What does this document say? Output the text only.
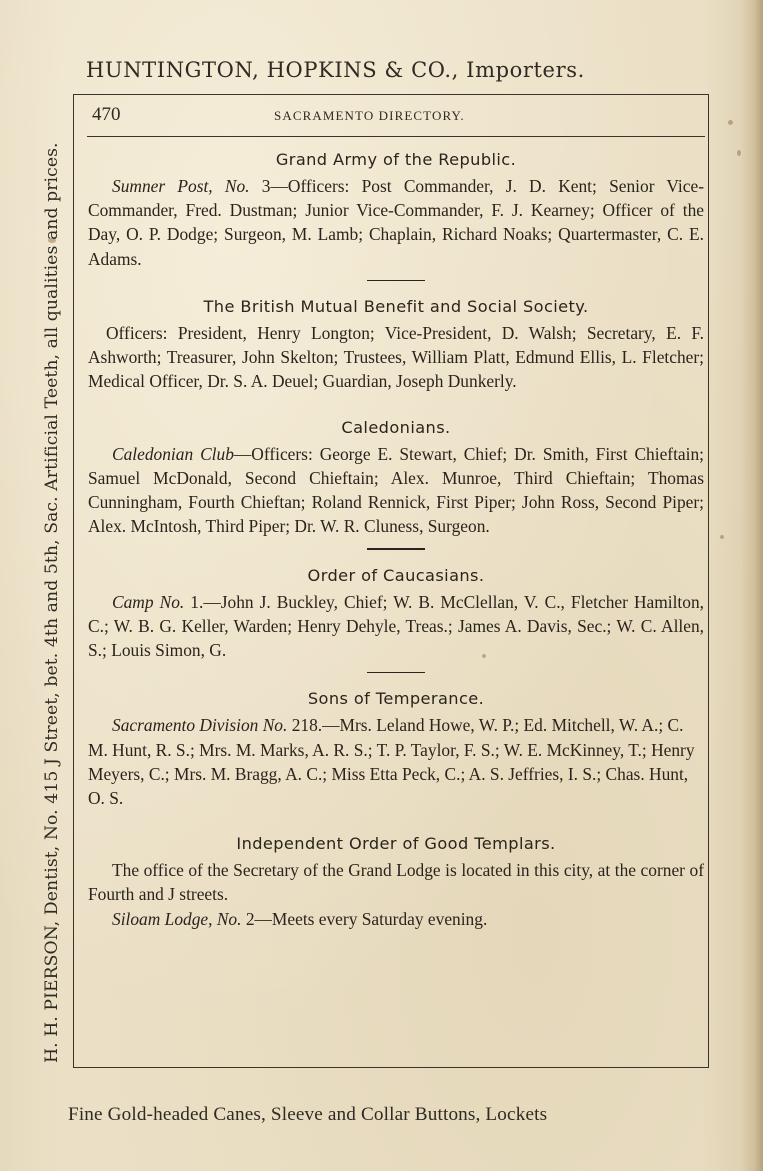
HUNTINGTON, HOPKINS & CO., Importers.
H. H. PIERSON, Dentist, No. 415 J Street, bet. 4th and 5th, Sac. Artificial Teeth, all qualities and prices.
470	SACRAMENTO DIRECTORY.
Grand Army of the Republic.

Sumner Post, No. 3—Officers: Post Commander, J. D. Kent; Senior Vice-Commander, Fred. Dustman; Junior Vice-Commander, F. J. Kearney; Officer of the Day, O. P. Dodge; Surgeon, M. Lamb; Chaplain, Richard Noaks; Quartermaster, C. E. Adams.

The British Mutual Benefit and Social Society.

Officers: President, Henry Longton; Vice-President, D. Walsh; Secretary, E. F. Ashworth; Treasurer, John Skelton; Trustees, William Platt, Edmund Ellis, L. Fletcher; Medical Officer, Dr. S. A. Deuel; Guardian, Joseph Dunkerly.

Caledonians.

Caledonian Club—Officers: George E. Stewart, Chief; Dr. Smith, First Chieftain; Samuel McDonald, Second Chieftain; Alex. Munroe, Third Chieftain; Thomas Cunningham, Fourth Chieftan; Roland Rennick, First Piper; John Ross, Second Piper; Alex. McIntosh, Third Piper; Dr. W. R. Cluness, Surgeon.

Order of Caucasians.

Camp No. 1.—John J. Buckley, Chief; W. B. McClellan, V. C., Fletcher Hamilton, C.; W. B. G. Keller, Warden; Henry Dehyle, Treas.; James A. Davis, Sec.; W. C. Allen, S.; Louis Simon, G.

Sons of Temperance.

Sacramento Division No. 218.—Mrs. Leland Howe, W. P.; Ed. Mitchell, W. A.; C. M. Hunt, R. S.; Mrs. M. Marks, A. R. S.; T. P. Taylor, F. S.; W. E. McKinney, T.; Henry Meyers, C.; Mrs. M. Bragg, A. C.; Miss Etta Peck, C.; A. S. Jeffries, I. S.; Chas. Hunt, O. S.

Independent Order of Good Templars.

The office of the Secretary of the Grand Lodge is located in this city, at the corner of Fourth and J streets.

Siloam Lodge, No. 2—Meets every Saturday evening.

Fine Gold-headed Canes, Sleeve and Collar Buttons, Lockets
